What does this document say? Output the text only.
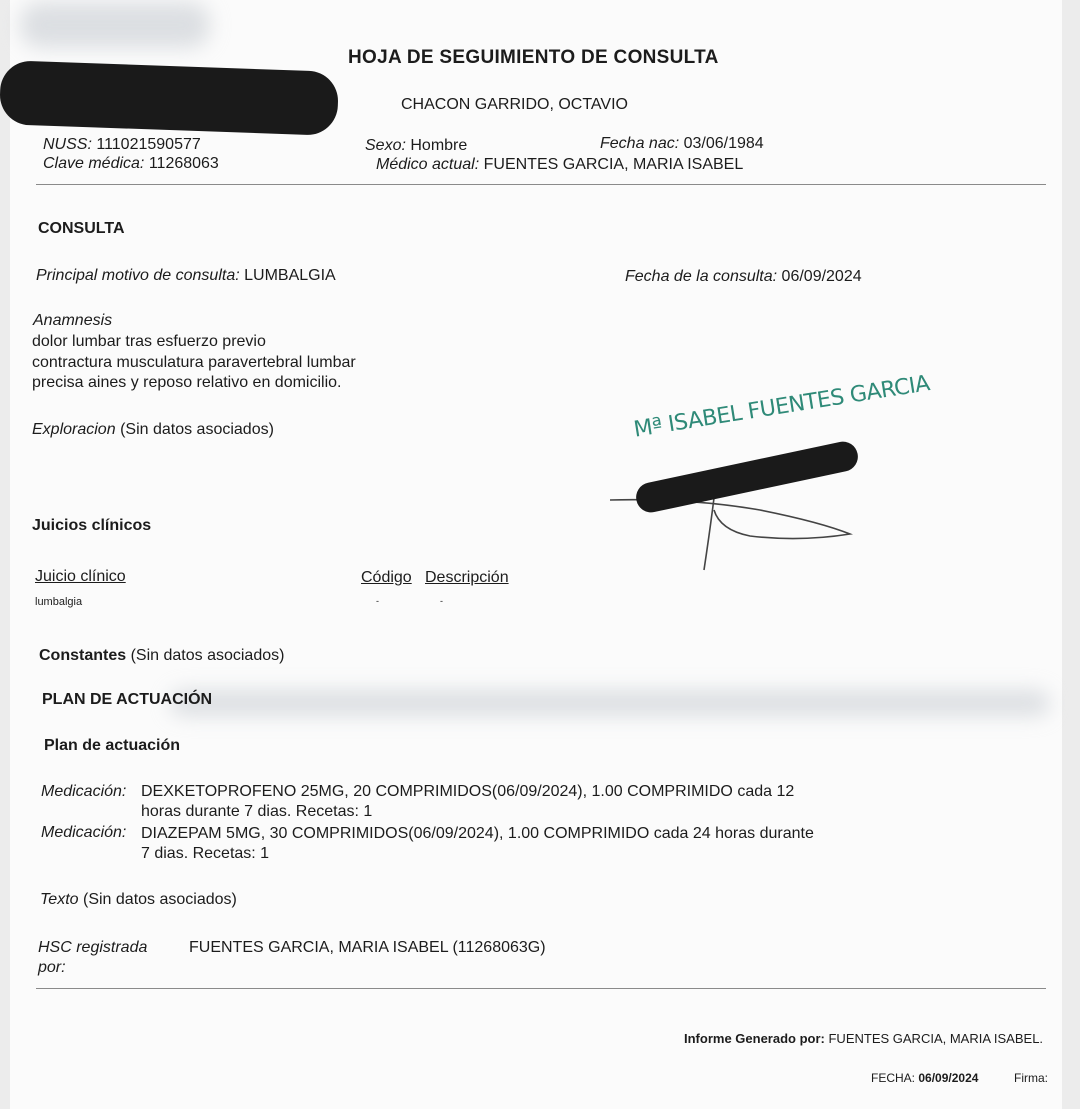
HOJA DE SEGUIMIENTO DE CONSULTA
CHACON GARRIDO, OCTAVIO
NUSS: 111021590577	Sexo: Hombre	Fecha nac: 03/06/1984
Clave médica: 11268063	Médico actual: FUENTES GARCIA, MARIA ISABEL
CONSULTA
Principal motivo de consulta: LUMBALGIA	Fecha de la consulta: 06/09/2024
Anamnesis
dolor lumbar tras esfuerzo previo
contractura musculatura paravertebral lumbar
precisa aines y reposo relativo en domicilio.
Exploracion (Sin datos asociados)	Mª ISABEL FUENTES GARCIA
Juicios clínicos
Juicio clínico	Código Descripción
lumbalgia	-	-
Constantes (Sin datos asociados)
PLAN DE ACTUACIÓN
Plan de actuación
Medicación: DEXKETOPROFENO 25MG, 20 COMPRIMIDOS(06/09/2024), 1.00 COMPRIMIDO cada 12
horas durante 7 dias. Recetas: 1
Medicación: DIAZEPAM 5MG, 30 COMPRIMIDOS(06/09/2024), 1.00 COMPRIMIDO cada 24 horas durante
7 dias. Recetas: 1
Texto (Sin datos asociados)
HSC registrada
por:
FUENTES GARCIA, MARIA ISABEL (11268063G)
Informe Generado por: FUENTES GARCIA, MARIA ISABEL.
FECHA: 06/09/2024	Firma:
